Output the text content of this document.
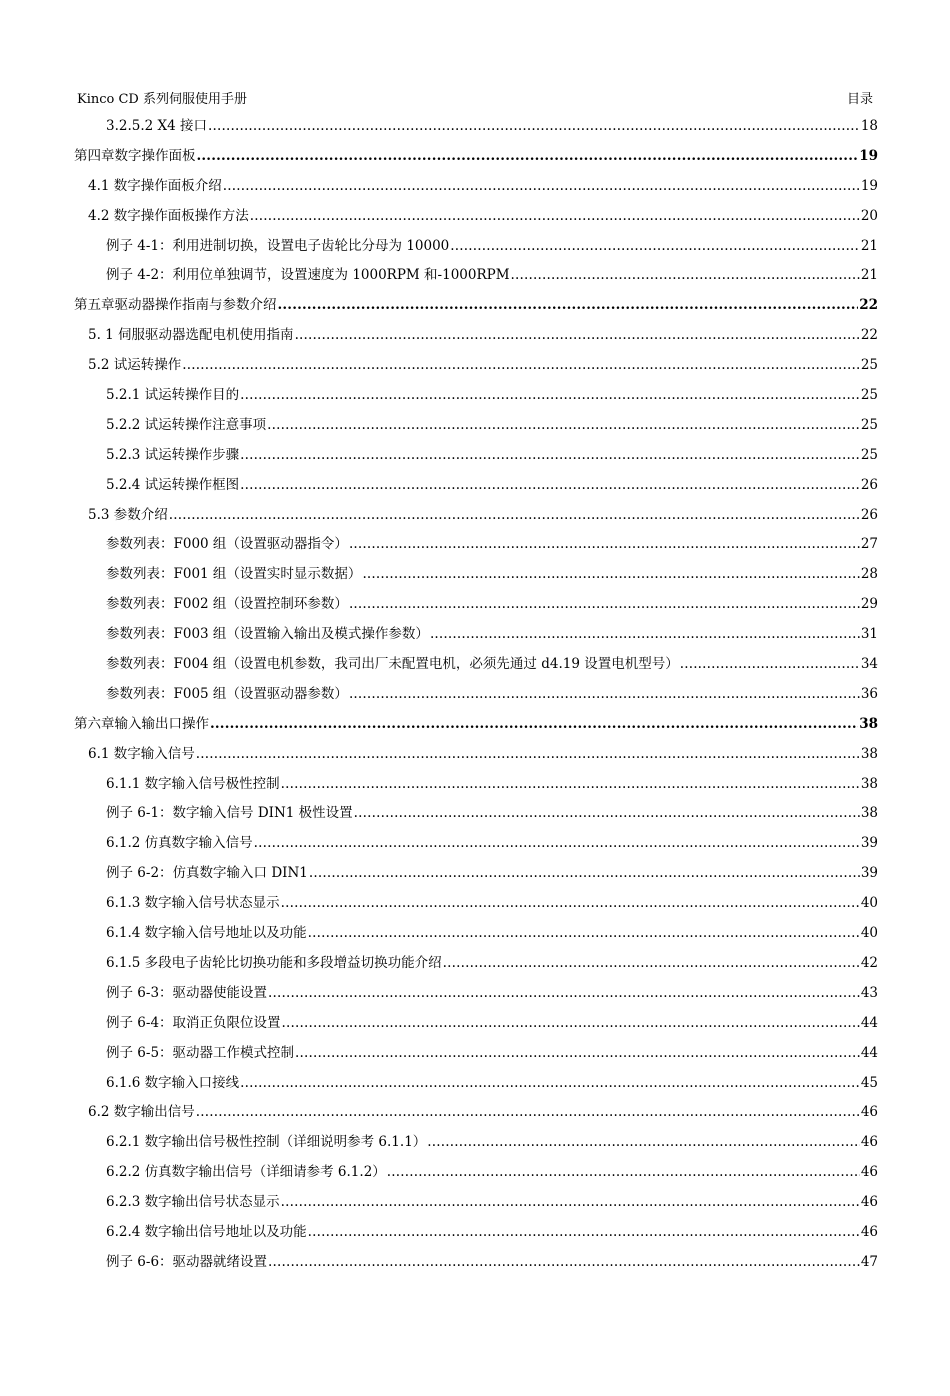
Kinco CD 系列伺服使用手册	目录
3.2.5.2 X4 接口 .....	18
第四章数字操作面板 .....	19
4.1 数字操作面板介绍 .....	19
4.2 数字操作面板操作方法 .....	20
例子 4-1：利用进制切换，设置电子齿轮比分母为 10000 .....	21
例子 4-2：利用位单独调节，设置速度为 1000RPM 和-1000RPM .....	21
第五章驱动器操作指南与参数介绍 .....	22
5. 1 伺服驱动器选配电机使用指南 .....	22
5.2 试运转操作 .....	25
5.2.1 试运转操作目的 .....	25
5.2.2 试运转操作注意事项 .....	25
5.2.3 试运转操作步骤 .....	25
5.2.4 试运转操作框图 .....	26
5.3 参数介绍 .....	26
参数列表：F000 组（设置驱动器指令） .....	27
参数列表：F001 组（设置实时显示数据） .....	28
参数列表：F002 组（设置控制环参数） .....	29
参数列表：F003 组（设置输入输出及模式操作参数） .....	31
参数列表：F004 组（设置电机参数，我司出厂未配置电机，必须先通过 d4.19 设置电机型号） .....	34
参数列表：F005 组（设置驱动器参数） .....	36
第六章输入输出口操作 .....	38
6.1 数字输入信号 .....	38
6.1.1 数字输入信号极性控制 .....	38
例子 6-1：数字输入信号 DIN1 极性设置 .....	38
6.1.2 仿真数字输入信号 .....	39
例子 6-2：仿真数字输入口 DIN1 .....	39
6.1.3 数字输入信号状态显示 .....	40
6.1.4 数字输入信号地址以及功能 .....	40
6.1.5 多段电子齿轮比切换功能和多段增益切换功能介绍 .....	42
例子 6-3：驱动器使能设置 .....	43
例子 6-4：取消正负限位设置 .....	44
例子 6-5：驱动器工作模式控制 .....	44
6.1.6 数字输入口接线 .....	45
6.2 数字输出信号 .....	46
6.2.1 数字输出信号极性控制（详细说明参考 6.1.1） .....	46
6.2.2 仿真数字输出信号（详细请参考 6.1.2） .....	46
6.2.3 数字输出信号状态显示 .....	46
6.2.4 数字输出信号地址以及功能 .....	46
例子 6-6：驱动器就绪设置 .....	47
